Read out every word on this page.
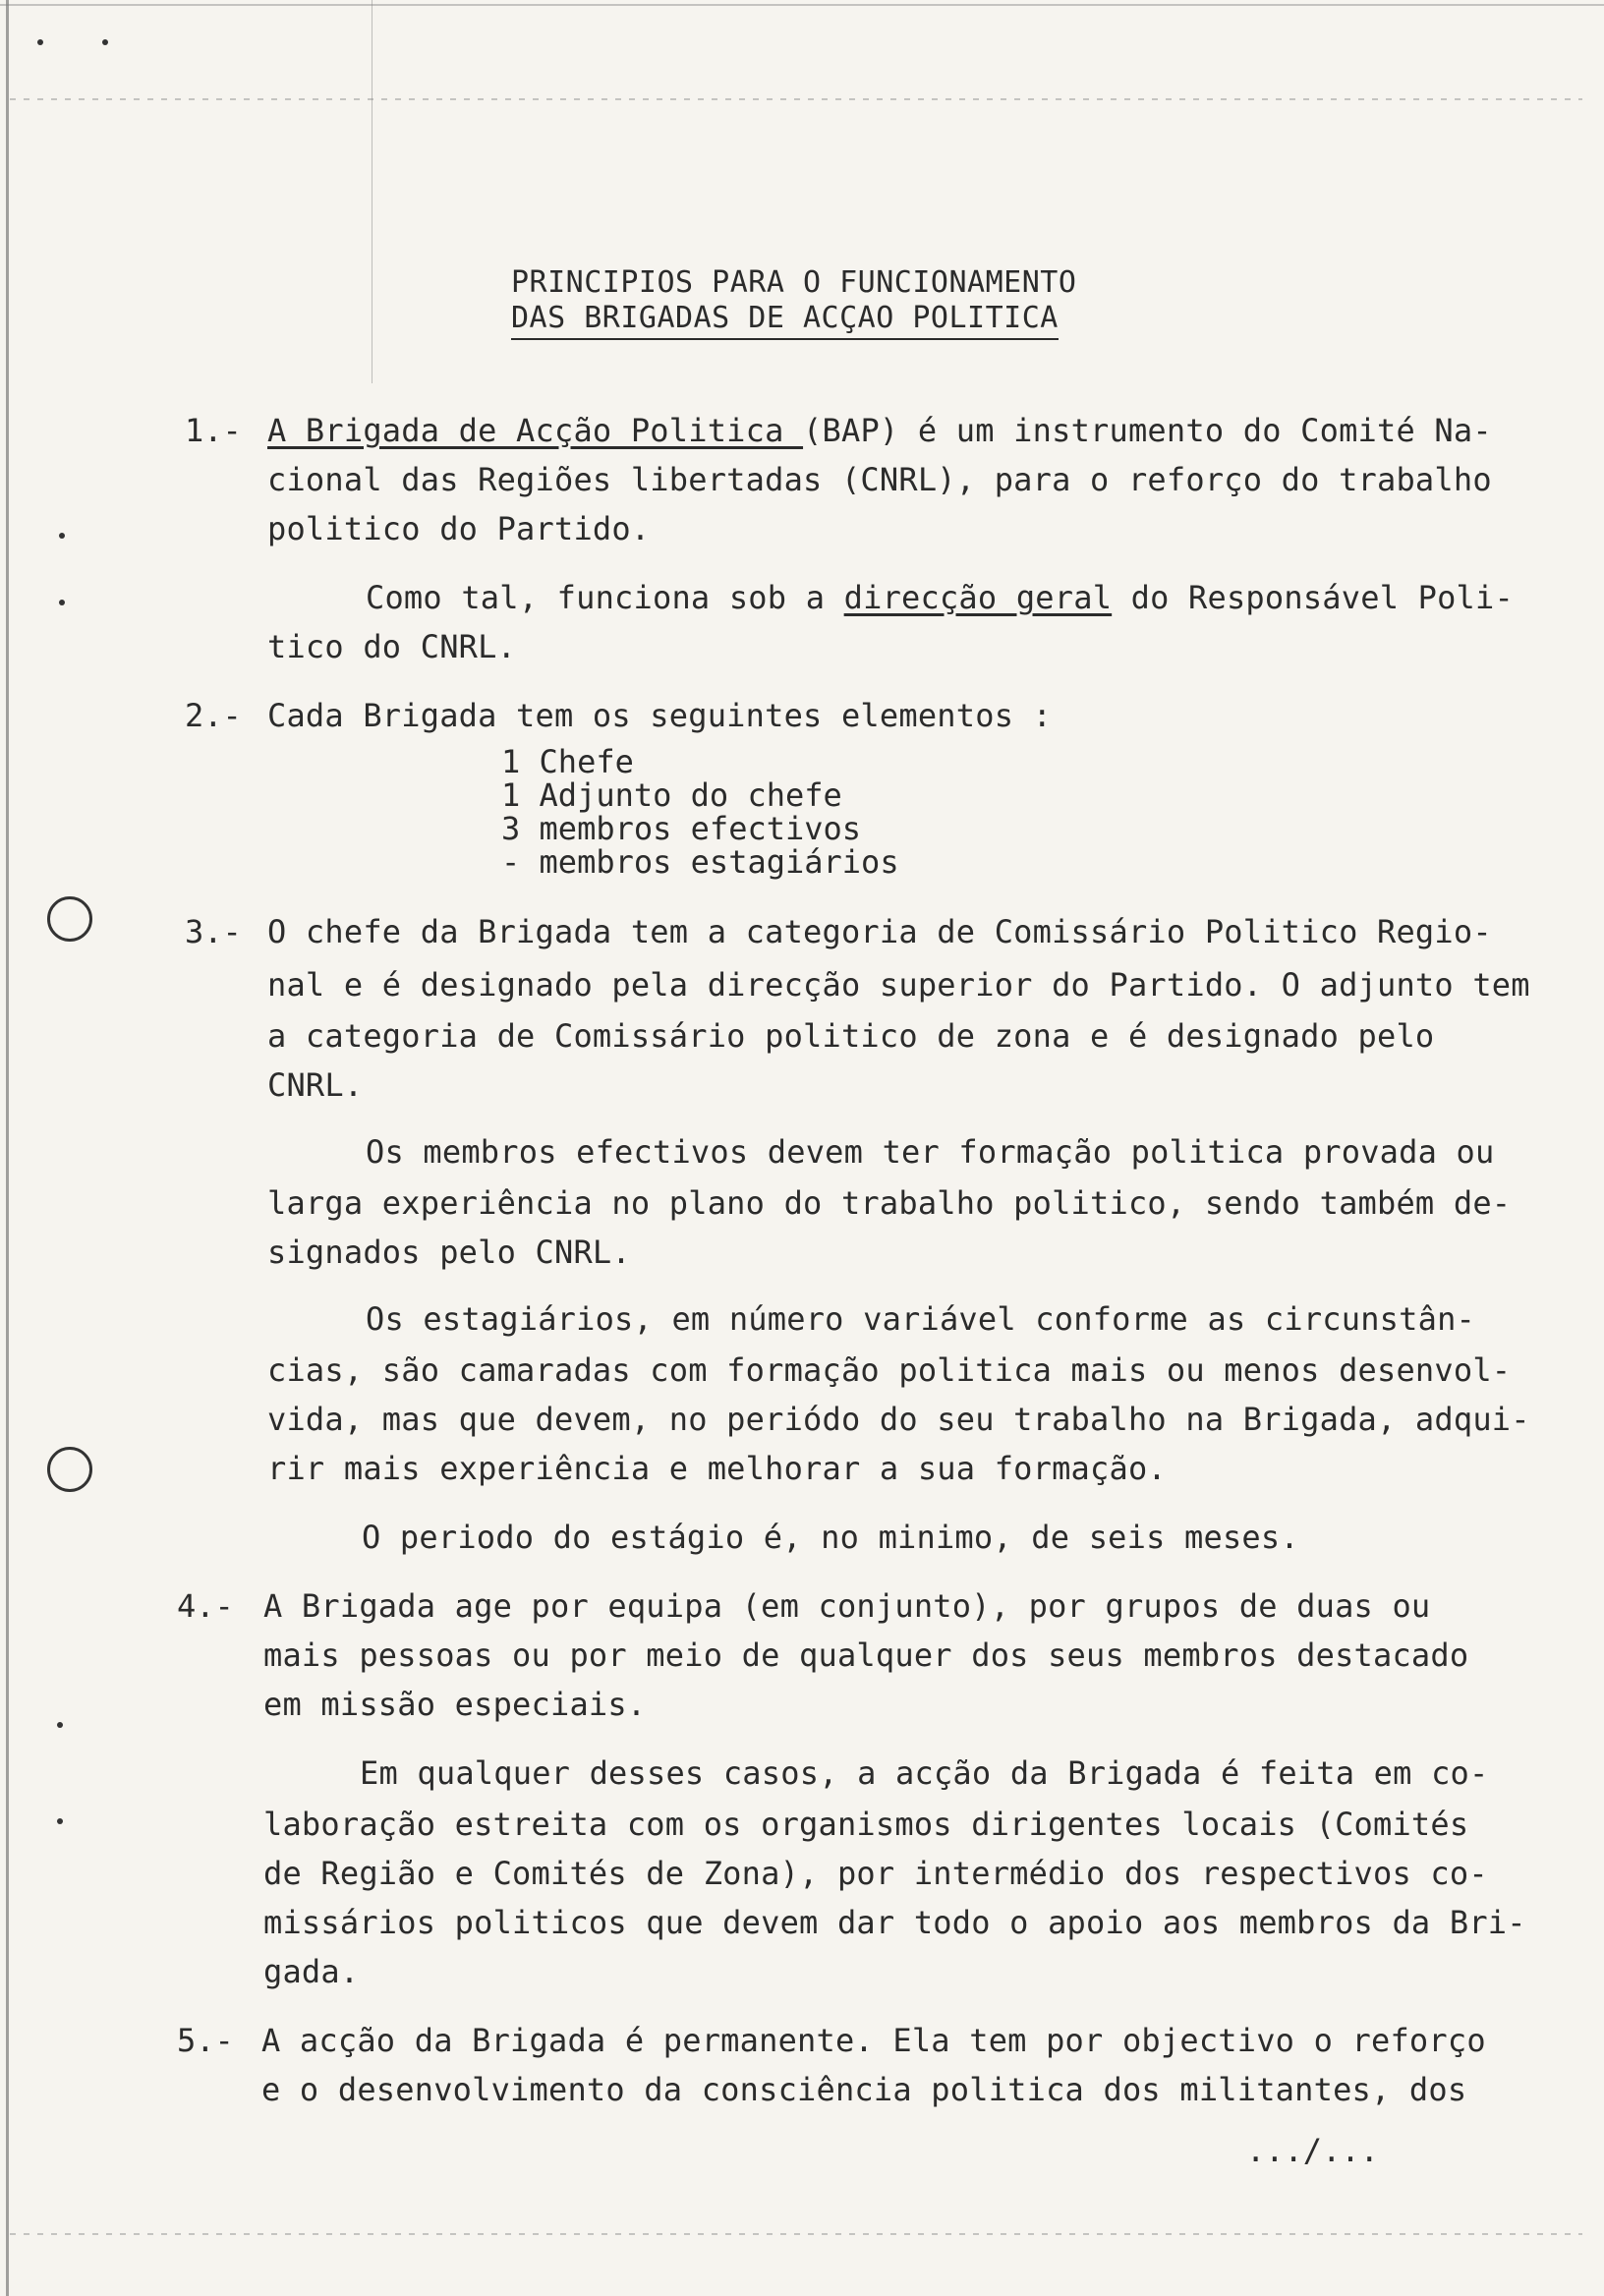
PRINCIPIOS PARA O FUNCIONAMENTO
DAS BRIGADAS DE ACÇAO POLITICA
1.- A Brigada de Acção Politica (BAP) é um instrumento do Comité Na-
cional das Regiões libertadas (CNRL), para o reforço do trabalho
politico do Partido.
Como tal, funciona sob a direcção geral do Responsável Poli-
tico do CNRL.
2.- Cada Brigada tem os seguintes elementos :
1 Chefe
1 Adjunto do chefe
3 membros efectivos
- membros estagiários
3.- O chefe da Brigada tem a categoria de Comissário Politico Regio-
nal e é designado pela direcção superior do Partido. O adjunto tem
a categoria de Comissário politico de zona e é designado pelo
CNRL.
Os membros efectivos devem ter formação politica provada ou
larga experiência no plano do trabalho politico, sendo também de-
signados pelo CNRL.
Os estagiários, em número variável conforme as circunstân-
cias, são camaradas com formação politica mais ou menos desenvol-
vida, mas que devem, no periódo do seu trabalho na Brigada, adqui-
rir mais experiência e melhorar a sua formação.
O periodo do estágio é, no minimo, de seis meses.
4.- A Brigada age por equipa (em conjunto), por grupos de duas ou
mais pessoas ou por meio de qualquer dos seus membros destacado
em missão especiais.
Em qualquer desses casos, a acção da Brigada é feita em co-
laboração estreita com os organismos dirigentes locais (Comités
de Região e Comités de Zona), por intermédio dos respectivos co-
missários politicos que devem dar todo o apoio aos membros da Bri-
gada.
5.- A acção da Brigada é permanente. Ela tem por objectivo o reforço
e o desenvolvimento da consciência politica dos militantes, dos
.../...
